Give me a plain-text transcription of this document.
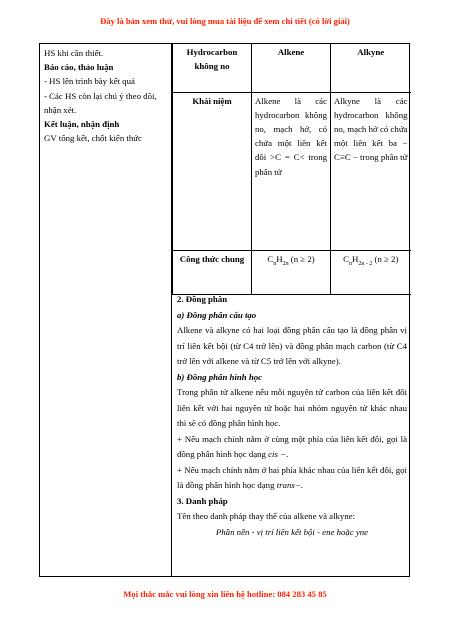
Đây là bản xem thử, vui lòng mua tài liệu để xem chi tiết (có lời giải)

HS khi cần thiết.

Báo cáo, thảo luận

- HS lên trình bày kết quả

- Các HS còn lại chú ý theo dõi, nhận xét.

Kết luận, nhận định

GV tổng kết, chốt kiến thức

Hydrocarbon không no	Alkene	Alkyne
Khái niệm	Alkene là các hydrocarbon không no, mạch hở, có chứa một liên kết đôi >C = C< trong phân tử	Alkyne là các hydrocarbon không no, mạch hở có chứa một liên kết ba − C≡C − trong phân tử
Công thức chung	$C_nH_{2n}$ (n ≥ 2)	$C_nH_{2n - 2}$ (n ≥ 2)

2. Đồng phân

a) Đồng phân cấu tạo

Alkene và alkyne có hai loại đồng phân cấu tạo là đồng phân vị trí liên kết bội (từ C4 trở lên) và đồng phân mạch carbon (từ C4 trở lên với alkene và từ C5 trở lên với alkyne).

b) Đồng phân hình học

Trong phân tử alkene nếu mỗi nguyên tử carbon của liên kết đôi liên kết với hai nguyên tử hoặc hai nhóm nguyên tử khác nhau thì sẽ có đồng phân hình học.

+ Nếu mạch chính nằm ở cùng một phía của liên kết đôi, gọi là đồng phân hình học dạng cis −.

+ Nếu mạch chính nằm ở hai phía khác nhau của liên kết đôi, gọi là đồng phân hình học dạng trans−.

3. Danh pháp

Tên theo danh pháp thay thế của alkene và alkyne:

Phần nền - vị trí liên kết bội - ene hoặc yne

Mọi thắc mắc vui lòng xin liên hệ hotline: 084 283 45 85
